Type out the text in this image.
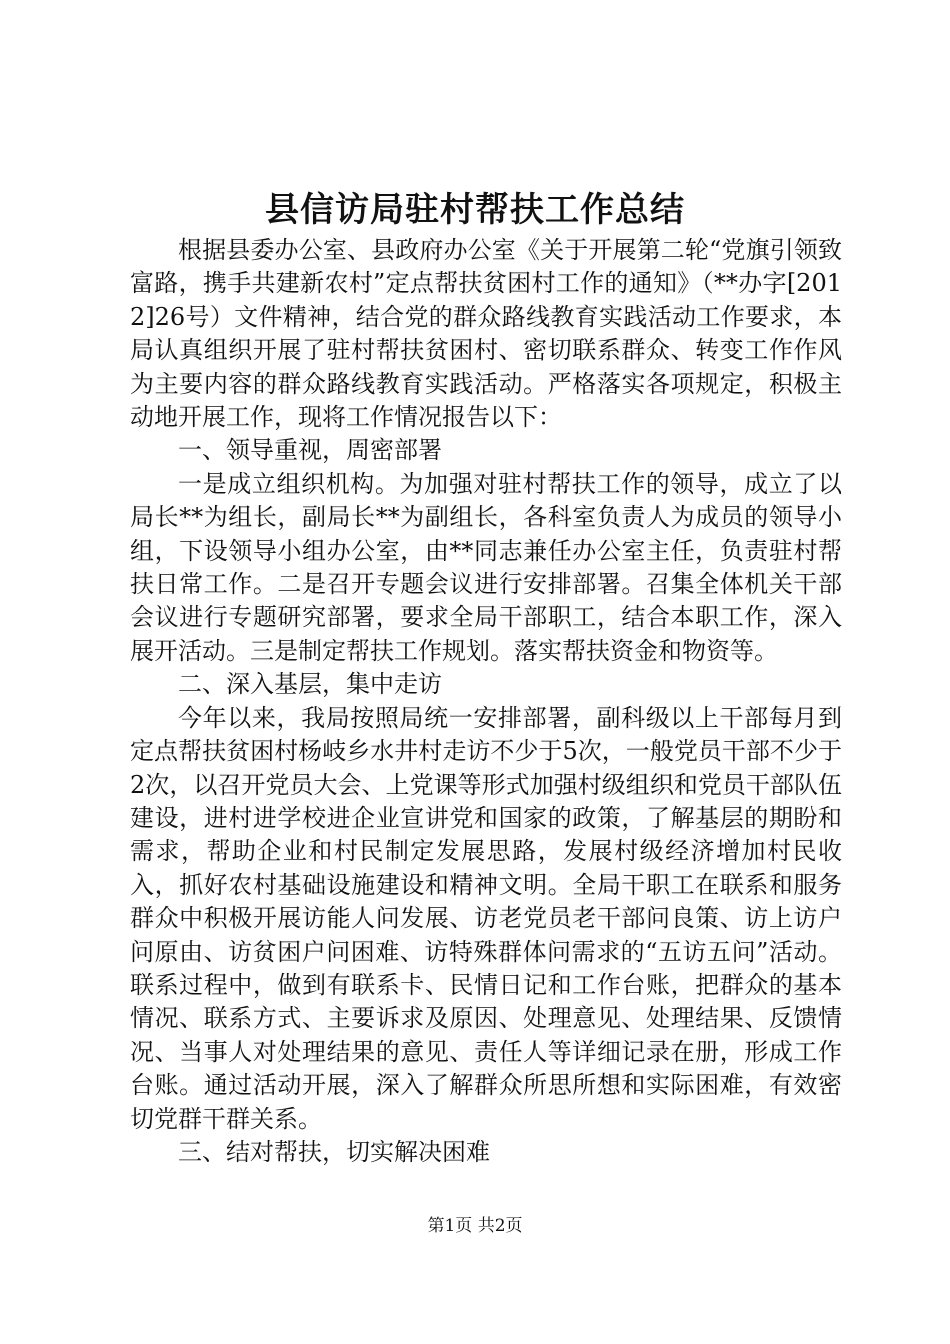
县信访局驻村帮扶工作总结

根据县委办公室、县政府办公室《关于开展第二轮“党旗引领致富路，携手共建新农村”定点帮扶贫困村工作的通知》（**办字[2012]26号）文件精神，结合党的群众路线教育实践活动工作要求，本局认真组织开展了驻村帮扶贫困村、密切联系群众、转变工作作风为主要内容的群众路线教育实践活动。严格落实各项规定，积极主动地开展工作，现将工作情况报告以下：

一、领导重视，周密部署

一是成立组织机构。为加强对驻村帮扶工作的领导，成立了以局长**为组长，副局长**为副组长，各科室负责人为成员的领导小组，下设领导小组办公室，由**同志兼任办公室主任，负责驻村帮扶日常工作。二是召开专题会议进行安排部署。召集全体机关干部会议进行专题研究部署，要求全局干部职工，结合本职工作，深入展开活动。三是制定帮扶工作规划。落实帮扶资金和物资等。

二、深入基层，集中走访

今年以来，我局按照局统一安排部署，副科级以上干部每月到定点帮扶贫困村杨岐乡水井村走访不少于5次，一般党员干部不少于2次，以召开党员大会、上党课等形式加强村级组织和党员干部队伍建设，进村进学校进企业宣讲党和国家的政策，了解基层的期盼和需求，帮助企业和村民制定发展思路，发展村级经济增加村民收入，抓好农村基础设施建设和精神文明。全局干职工在联系和服务群众中积极开展访能人问发展、访老党员老干部问良策、访上访户问原由、访贫困户问困难、访特殊群体问需求的“五访五问”活动。联系过程中，做到有联系卡、民情日记和工作台账，把群众的基本情况、联系方式、主要诉求及原因、处理意见、处理结果、反馈情况、当事人对处理结果的意见、责任人等详细记录在册，形成工作台账。通过活动开展，深入了解群众所思所想和实际困难，有效密切党群干群关系。

三、结对帮扶，切实解决困难

第1页 共2页
